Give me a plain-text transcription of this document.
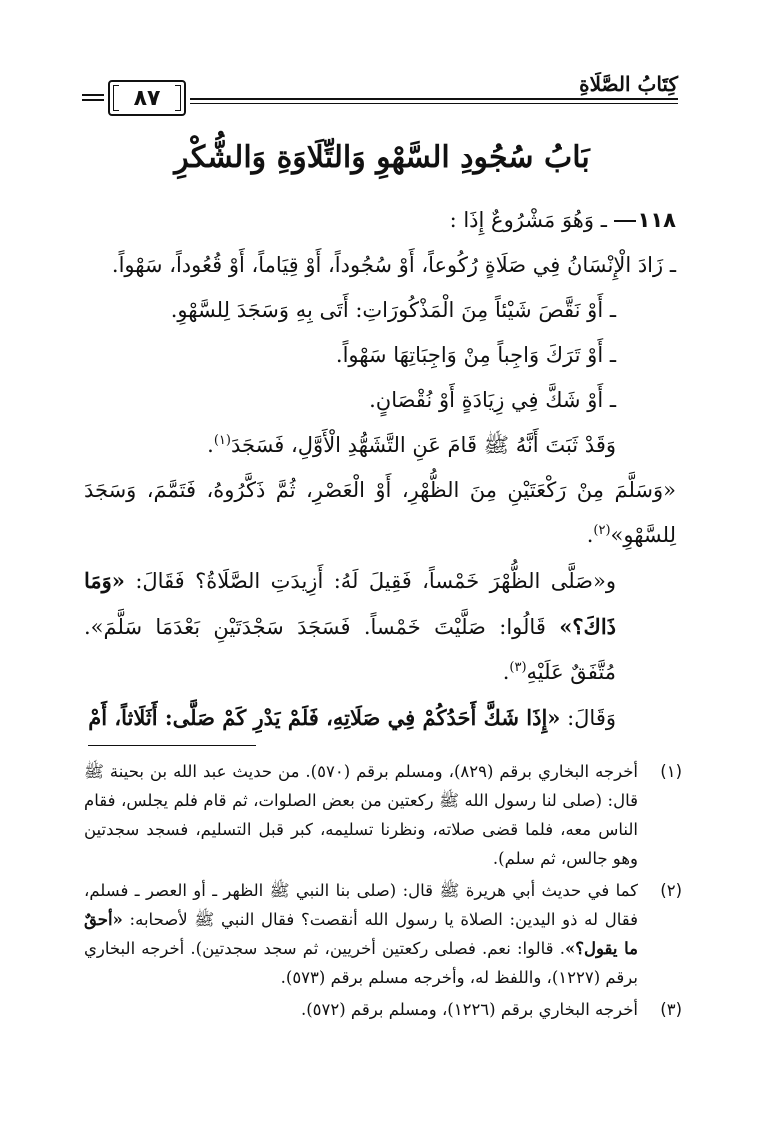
كِتَابُ الصَّلَاةِ
٨٧
بَابُ سُجُودِ السَّهْوِ وَالتِّلَاوَةِ وَالشُّكْرِ

١١٨
ـ وَهُوَ مَشْرُوعٌ إِذَا :

ـ زَادَ الْإِنْسَانُ فِي صَلَاةٍ رُكُوعاً، أَوْ سُجُوداً، أَوْ قِيَاماً، أَوْ قُعُوداً، سَهْواً.

ـ أَوْ نَقَّصَ شَيْئاً مِنَ الْمَذْكُورَاتِ: أَتَى بِهِ وَسَجَدَ لِلسَّهْوِ.

ـ أَوْ تَرَكَ وَاجِباً مِنْ وَاجِبَاتِهَا سَهْواً.

ـ أَوْ شَكَّ فِي زِيَادَةٍ أَوْ نُقْصَانٍ.

وَقَدْ ثَبَتَ أَنَّهُ ﷺ قَامَ عَنِ التَّشَهُّدِ الْأَوَّلِ، فَسَجَدَ$^{(١)}$.

«وَسَلَّمَ مِنْ رَكْعَتَيْنِ مِنَ الظُّهْرِ، أَوْ الْعَصْرِ، ثُمَّ ذَكَّرُوهُ، فَتَمَّمَ، وَسَجَدَ لِلسَّهْوِ»$^{(٢)}$.

و«صَلَّى الظُّهْرَ خَمْساً، فَقِيلَ لَهُ: أَزِيدَتِ الصَّلَاةُ؟ فَقَالَ: «وَمَا ذَاكَ؟» قَالُوا: صَلَّيْتَ خَمْساً. فَسَجَدَ سَجْدَتَيْنِ بَعْدَمَا سَلَّمَ». مُتَّفَقٌ عَلَيْهِ$^{(٣)}$.

وَقَالَ: «إِذَا شَكَّ أَحَدُكُمْ فِي صَلَاتِهِ، فَلَمْ يَدْرِ كَمْ صَلَّى: أَثَلَاثاً، أَمْ

(١)
أخرجه البخاري برقم (٨٢٩)، ومسلم برقم (٥٧٠). من حديث عبد الله بن بحينة ﷺ قال: (صلى لنا رسول الله ﷺ ركعتين من بعض الصلوات، ثم قام فلم يجلس، فقام الناس معه، فلما قضى صلاته، ونظرنا تسليمه، كبر قبل التسليم، فسجد سجدتين وهو جالس، ثم سلم).
(٢)
كما في حديث أبي هريرة ﷺ قال: (صلى بنا النبي ﷺ الظهر ـ أو العصر ـ فسلم، فقال له ذو اليدين: الصلاة يا رسول الله أنقصت؟ فقال النبي ﷺ لأصحابه: «أحقٌ ما يقول؟». قالوا: نعم. فصلى ركعتين أخريين، ثم سجد سجدتين). أخرجه البخاري برقم (١٢٢٧)، واللفظ له، وأخرجه مسلم برقم (٥٧٣).
(٣)
أخرجه البخاري برقم (١٢٢٦)، ومسلم برقم (٥٧٢).
